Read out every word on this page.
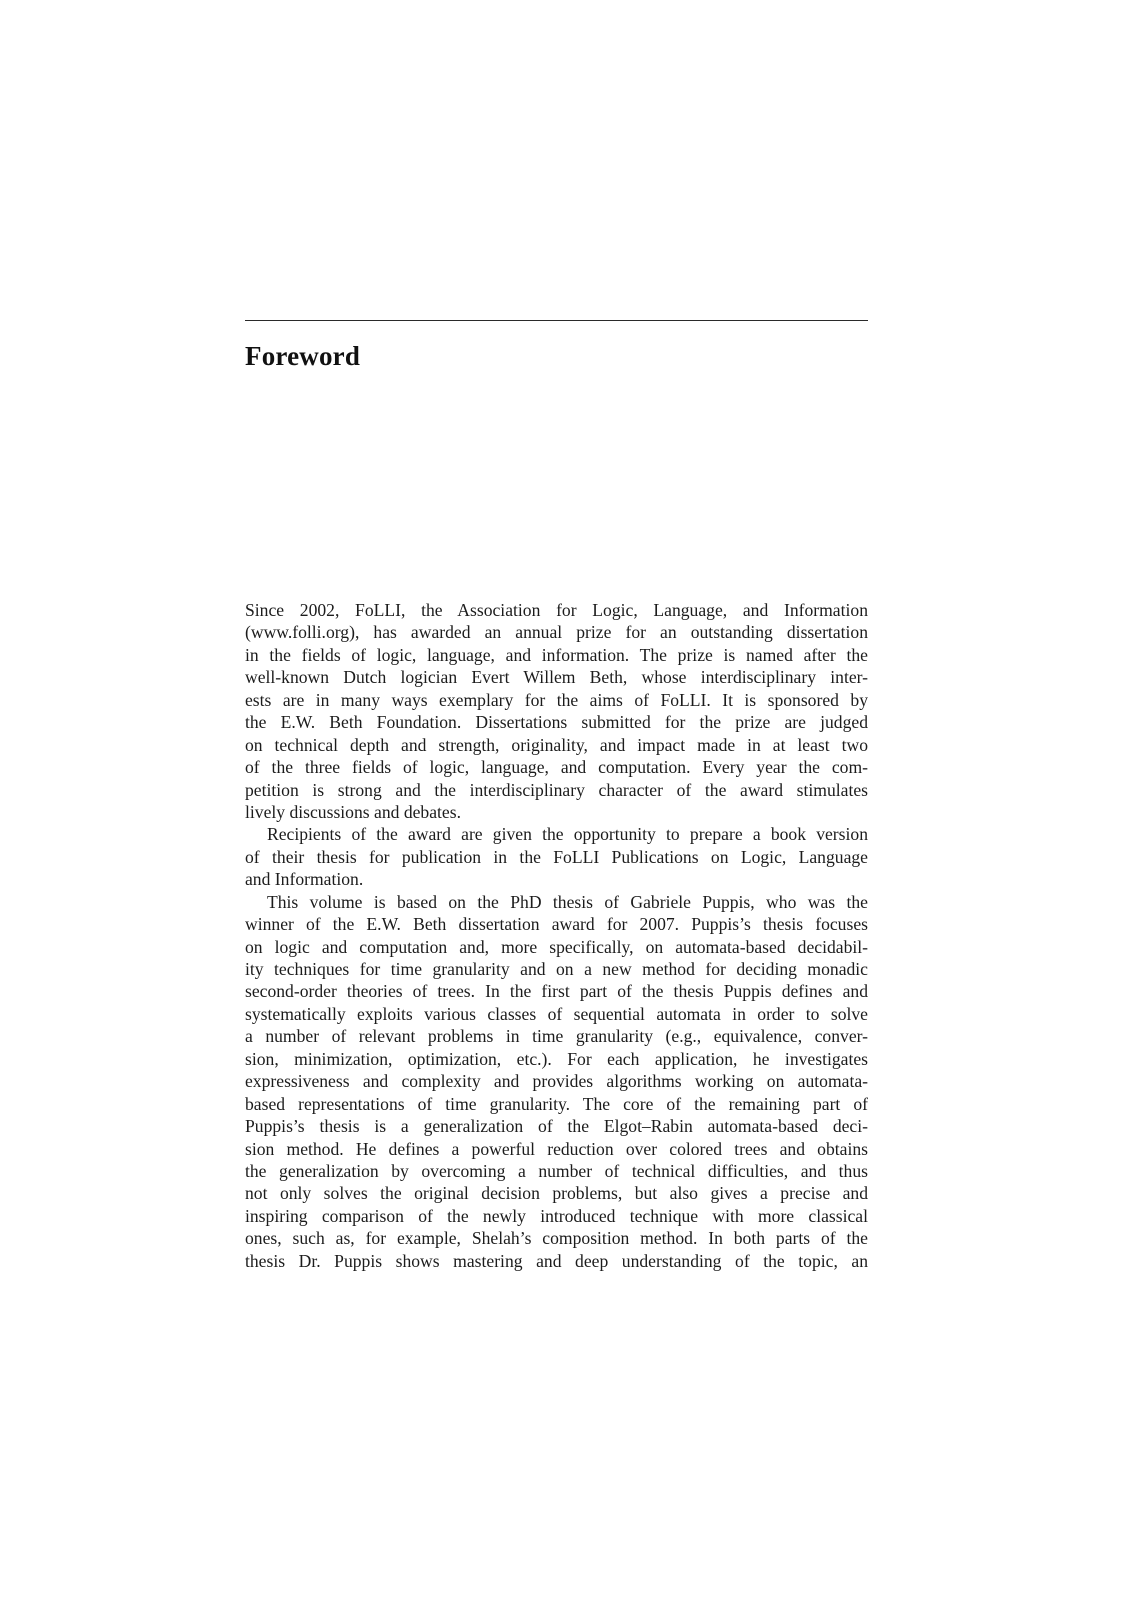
Foreword
Since 2002, FoLLI, the Association for Logic, Language, and Information
(www.folli.org), has awarded an annual prize for an outstanding dissertation
in the fields of logic, language, and information. The prize is named after the
well-known Dutch logician Evert Willem Beth, whose interdisciplinary inter-
ests are in many ways exemplary for the aims of FoLLI. It is sponsored by
the E.W. Beth Foundation. Dissertations submitted for the prize are judged
on technical depth and strength, originality, and impact made in at least two
of the three fields of logic, language, and computation. Every year the com-
petition is strong and the interdisciplinary character of the award stimulates
lively discussions and debates.
Recipients of the award are given the opportunity to prepare a book version
of their thesis for publication in the FoLLI Publications on Logic, Language
and Information.
This volume is based on the PhD thesis of Gabriele Puppis, who was the
winner of the E.W. Beth dissertation award for 2007. Puppis’s thesis focuses
on logic and computation and, more specifically, on automata-based decidabil-
ity techniques for time granularity and on a new method for deciding monadic
second-order theories of trees. In the first part of the thesis Puppis defines and
systematically exploits various classes of sequential automata in order to solve
a number of relevant problems in time granularity (e.g., equivalence, conver-
sion, minimization, optimization, etc.). For each application, he investigates
expressiveness and complexity and provides algorithms working on automata-
based representations of time granularity. The core of the remaining part of
Puppis’s thesis is a generalization of the Elgot–Rabin automata-based deci-
sion method. He defines a powerful reduction over colored trees and obtains
the generalization by overcoming a number of technical difficulties, and thus
not only solves the original decision problems, but also gives a precise and
inspiring comparison of the newly introduced technique with more classical
ones, such as, for example, Shelah’s composition method. In both parts of the
thesis Dr. Puppis shows mastering and deep understanding of the topic, an
